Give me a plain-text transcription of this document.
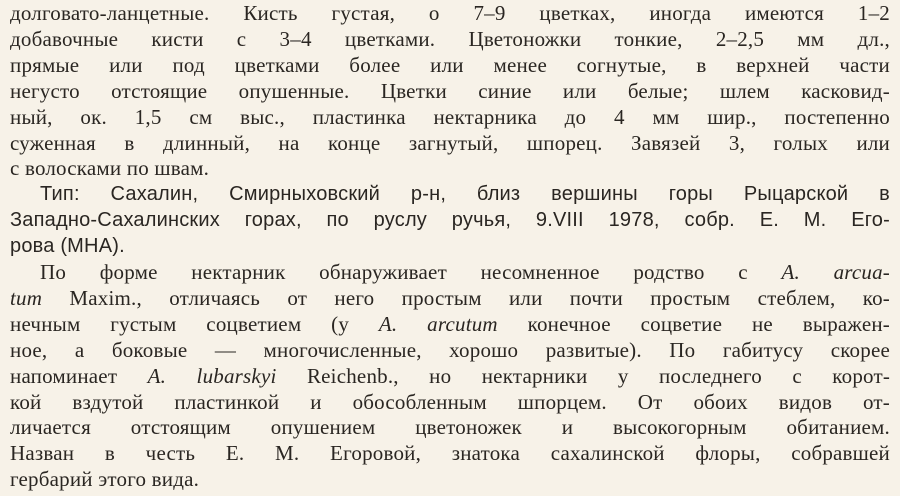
долговато-ланцетные. Кисть густая, о 7–9 цветках, иногда имеются 1–2
добавочные кисти с 3–4 цветками. Цветоножки тонкие, 2–2,5 мм дл.,
прямые или под цветками более или менее согнутые, в верхней части
негусто отстоящие опушенные. Цветки синие или белые; шлем касковид-
ный, ок. 1,5 см выс., пластинка нектарника до 4 мм шир., постепенно
суженная в длинный, на конце загнутый, шпорец. Завязей 3, голых или
с волосками по швам.
Тип: Сахалин, Смирныховский р-н, близ вершины горы Рыцарской в
Западно-Сахалинских горах, по руслу ручья, 9.VIII 1978, собр. Е. М. Его-
рова (МНА).
По форме нектарник обнаруживает несомненное родство с A. arcua-
tum Maxim., отличаясь от него простым или почти простым стеблем, ко-
нечным густым соцветием (у A. arcutum конечное соцветие не выражен-
ное, а боковые — многочисленные, хорошо развитые). По габитусу скорее
напоминает A. lubarskyi Reichenb., но нектарники у последнего с корот-
кой вздутой пластинкой и обособленным шпорцем. От обоих видов от-
личается отстоящим опушением цветоножек и высокогорным обитанием.
Назван в честь Е. М. Егоровой, знатока сахалинской флоры, собравшей
гербарий этого вида.
